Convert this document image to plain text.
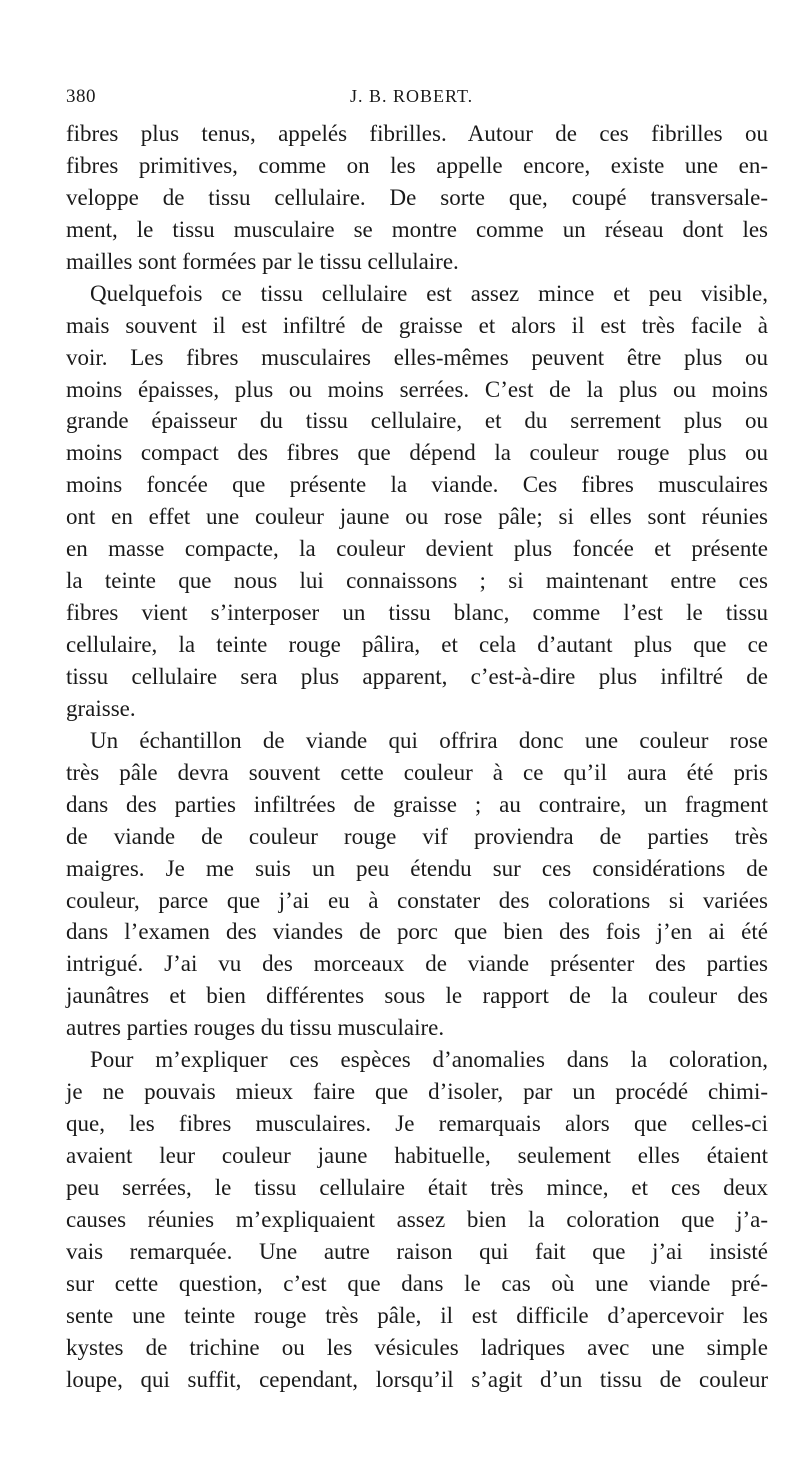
380	J. B. ROBERT.
fibres plus tenus, appelés fibrilles. Autour de ces fibrilles ou
fibres primitives, comme on les appelle encore, existe une en-
veloppe de tissu cellulaire. De sorte que, coupé transversale-
ment, le tissu musculaire se montre comme un réseau dont les
mailles sont formées par le tissu cellulaire.
Quelquefois ce tissu cellulaire est assez mince et peu visible,
mais souvent il est infiltré de graisse et alors il est très facile à
voir. Les fibres musculaires elles-mêmes peuvent être plus ou
moins épaisses, plus ou moins serrées. C’est de la plus ou moins
grande épaisseur du tissu cellulaire, et du serrement plus ou
moins compact des fibres que dépend la couleur rouge plus ou
moins foncée que présente la viande. Ces fibres musculaires
ont en effet une couleur jaune ou rose pâle; si elles sont réunies
en masse compacte, la couleur devient plus foncée et présente
la teinte que nous lui connaissons ; si maintenant entre ces
fibres vient s’interposer un tissu blanc, comme l’est le tissu
cellulaire, la teinte rouge pâlira, et cela d’autant plus que ce
tissu cellulaire sera plus apparent, c’est-à-dire plus infiltré de
graisse.
Un échantillon de viande qui offrira donc une couleur rose
très pâle devra souvent cette couleur à ce qu’il aura été pris
dans des parties infiltrées de graisse ; au contraire, un fragment
de viande de couleur rouge vif proviendra de parties très
maigres. Je me suis un peu étendu sur ces considérations de
couleur, parce que j’ai eu à constater des colorations si variées
dans l’examen des viandes de porc que bien des fois j’en ai été
intrigué. J’ai vu des morceaux de viande présenter des parties
jaunâtres et bien différentes sous le rapport de la couleur des
autres parties rouges du tissu musculaire.
Pour m’expliquer ces espèces d’anomalies dans la coloration,
je ne pouvais mieux faire que d’isoler, par un procédé chimi-
que, les fibres musculaires. Je remarquais alors que celles-ci
avaient leur couleur jaune habituelle, seulement elles étaient
peu serrées, le tissu cellulaire était très mince, et ces deux
causes réunies m’expliquaient assez bien la coloration que j’a-
vais remarquée. Une autre raison qui fait que j’ai insisté
sur cette question, c’est que dans le cas où une viande pré-
sente une teinte rouge très pâle, il est difficile d’apercevoir les
kystes de trichine ou les vésicules ladriques avec une simple
loupe, qui suffit, cependant, lorsqu’il s’agit d’un tissu de couleur
